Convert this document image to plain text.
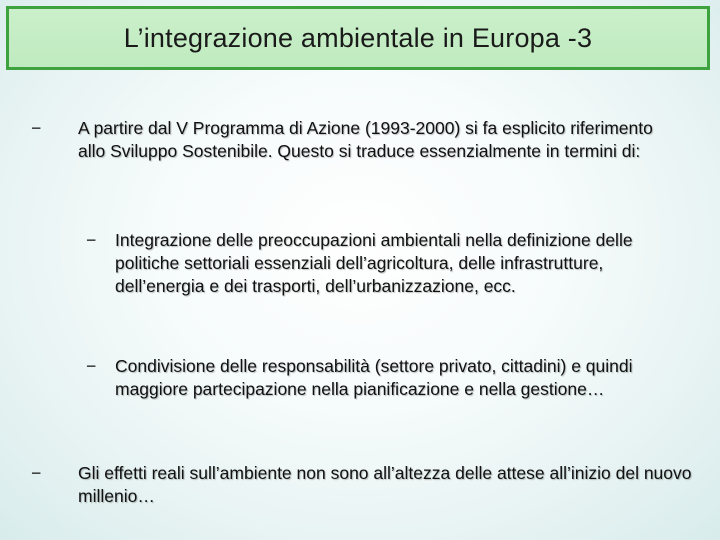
L’integrazione ambientale in Europa -3
− A partire dal V Programma di Azione (1993-2000) si fa esplicito riferimento allo Sviluppo Sostenibile. Questo si traduce essenzialmente in termini di:
− Integrazione delle preoccupazioni ambientali nella definizione delle politiche settoriali essenziali dell’agricoltura, delle infrastrutture, dell’energia e dei trasporti, dell’urbanizzazione, ecc.
− Condivisione delle responsabilità (settore privato, cittadini) e quindi maggiore partecipazione nella pianificazione e nella gestione…
− Gli effetti reali sull’ambiente non sono all’altezza delle attese all’inizio del nuovo millenio…
